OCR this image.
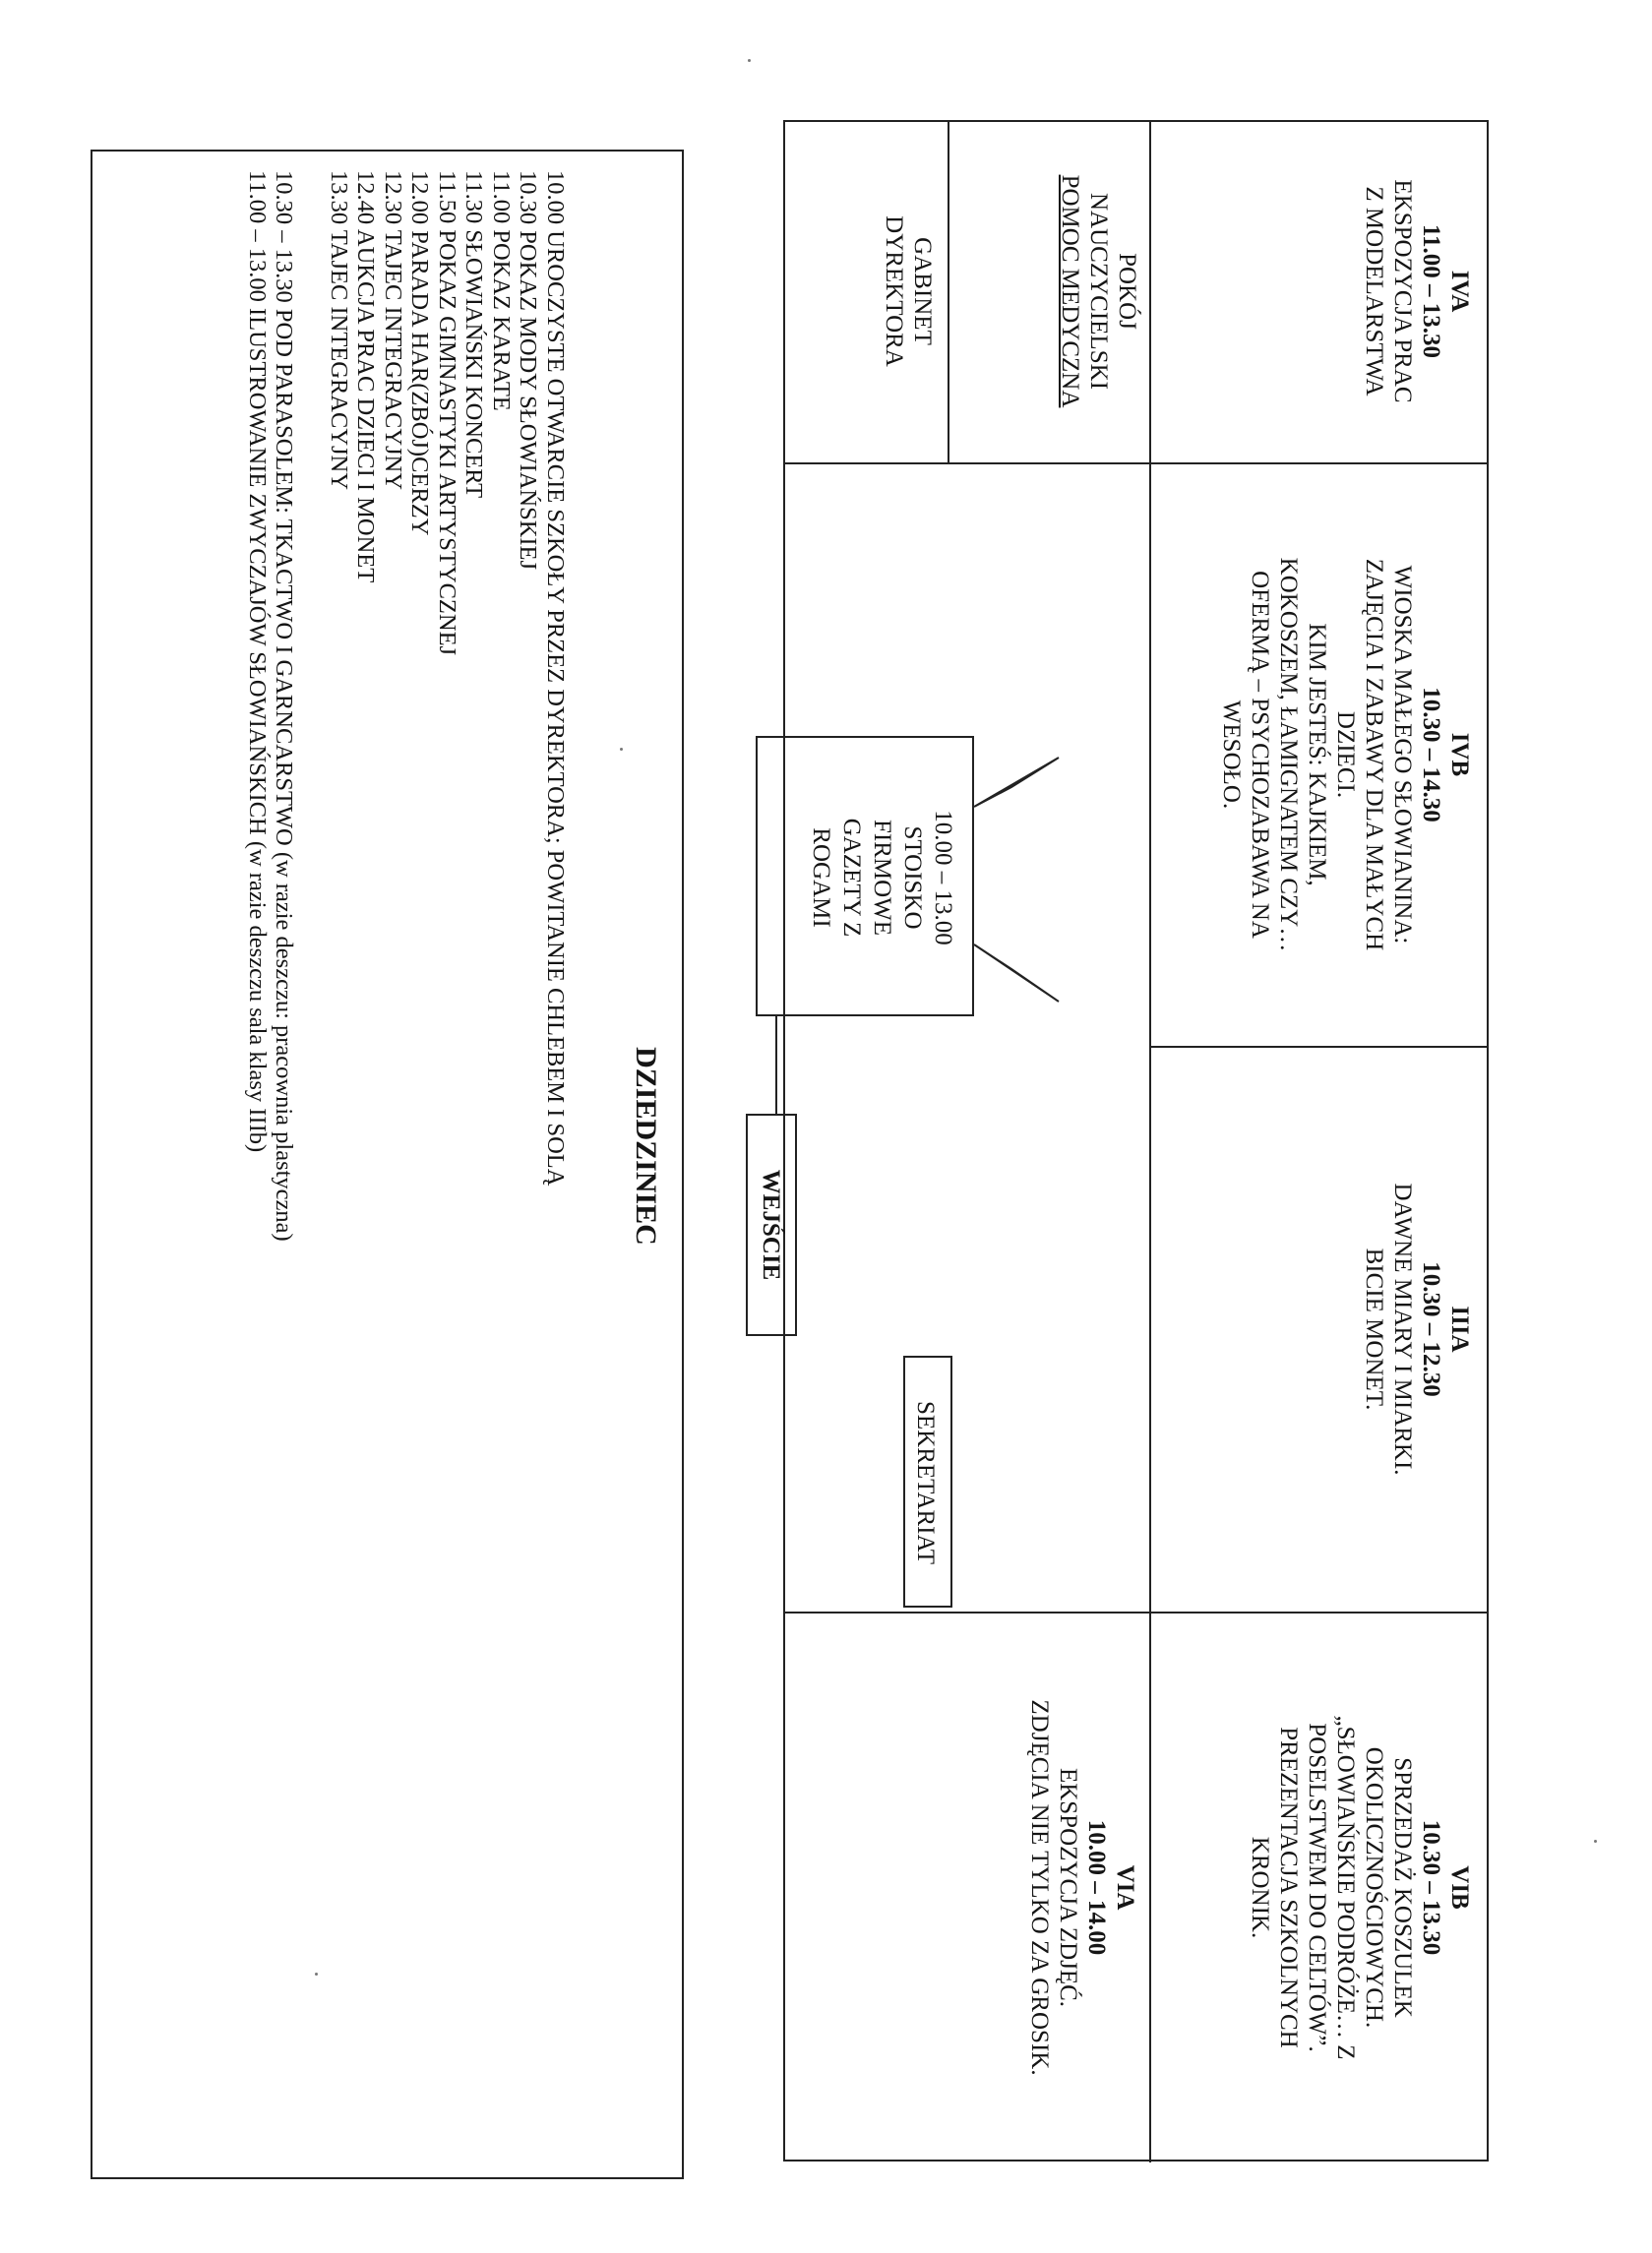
IVA
11.00 – 13.30
EKSPOZYCJA PRAC
Z MODELARSTWA
IVB
10.30 – 14.30
WIOSKA MAŁEGO SŁOWIANINA:
ZAJĘCIA I ZABAWY DLA MAŁYCH
DZIECI.
KIM JESTEŚ: KAJKIEM,
KOKOSZEM, ŁAMIGNATEM CZY…
OFERMĄ – PSYCHOZABAWA NA
WESOŁO.
IIIA
10.30 – 12.30
DAWNE MIARY I MIARKI.
BICIE MONET.
VIB
10.30 – 13.30
SPRZEDAŻ KOSZULEK
OKOLICZNOŚCIOWYCH.
„SŁOWIAŃSKIE PODRÓŻE… Z
POSELSTWEM DO CELTÓW”.
PREZENTACJA SZKOLNYCH
KRONIK.
VIA
10.00 – 14.00
EKSPOZYCJA ZDJĘĆ.
ZDJĘCIA NIE TYLKO ZA GROSIK.
POKÓJ
NAUCZYCIELSKI
POMOC MEDYCZNA
GABINET
DYREKTORA
SEKRETARIAT
10.00 – 13.00
STOISKO
FIRMOWE
GAZETY Z
ROGAMI
WEJŚCIE
DZIEDZINIEC
10.00 UROCZYSTE OTWARCIE SZKOŁY PRZEZ DYREKTORA; POWITANIE CHLEBEM I SOLĄ
10.30 POKAZ MODY SŁOWIAŃSKIEJ
11.00 POKAZ KARATE
11.30 SŁOWIAŃSKI KONCERT
11.50 POKAZ GIMNASTYKI ARTYSTYCZNEJ
12.00 PARADA HAR(ZBÓJ)CERZY
12.30 TAJEC INTEGRACYJNY
12.40 AUKCJA PRAC DZIECI I MONET
13.30 TAJEC INTEGRACYJNY
10.30 – 13.30 POD PARASOLEM: TKACTWO I GARNCARSTWO (w razie deszczu: pracownia plastyczna)
11.00 – 13.00 ILUSTROWANIE ZWYCZAJÓW SŁOWIAŃSKICH (w razie deszczu sala klasy IIIb)
